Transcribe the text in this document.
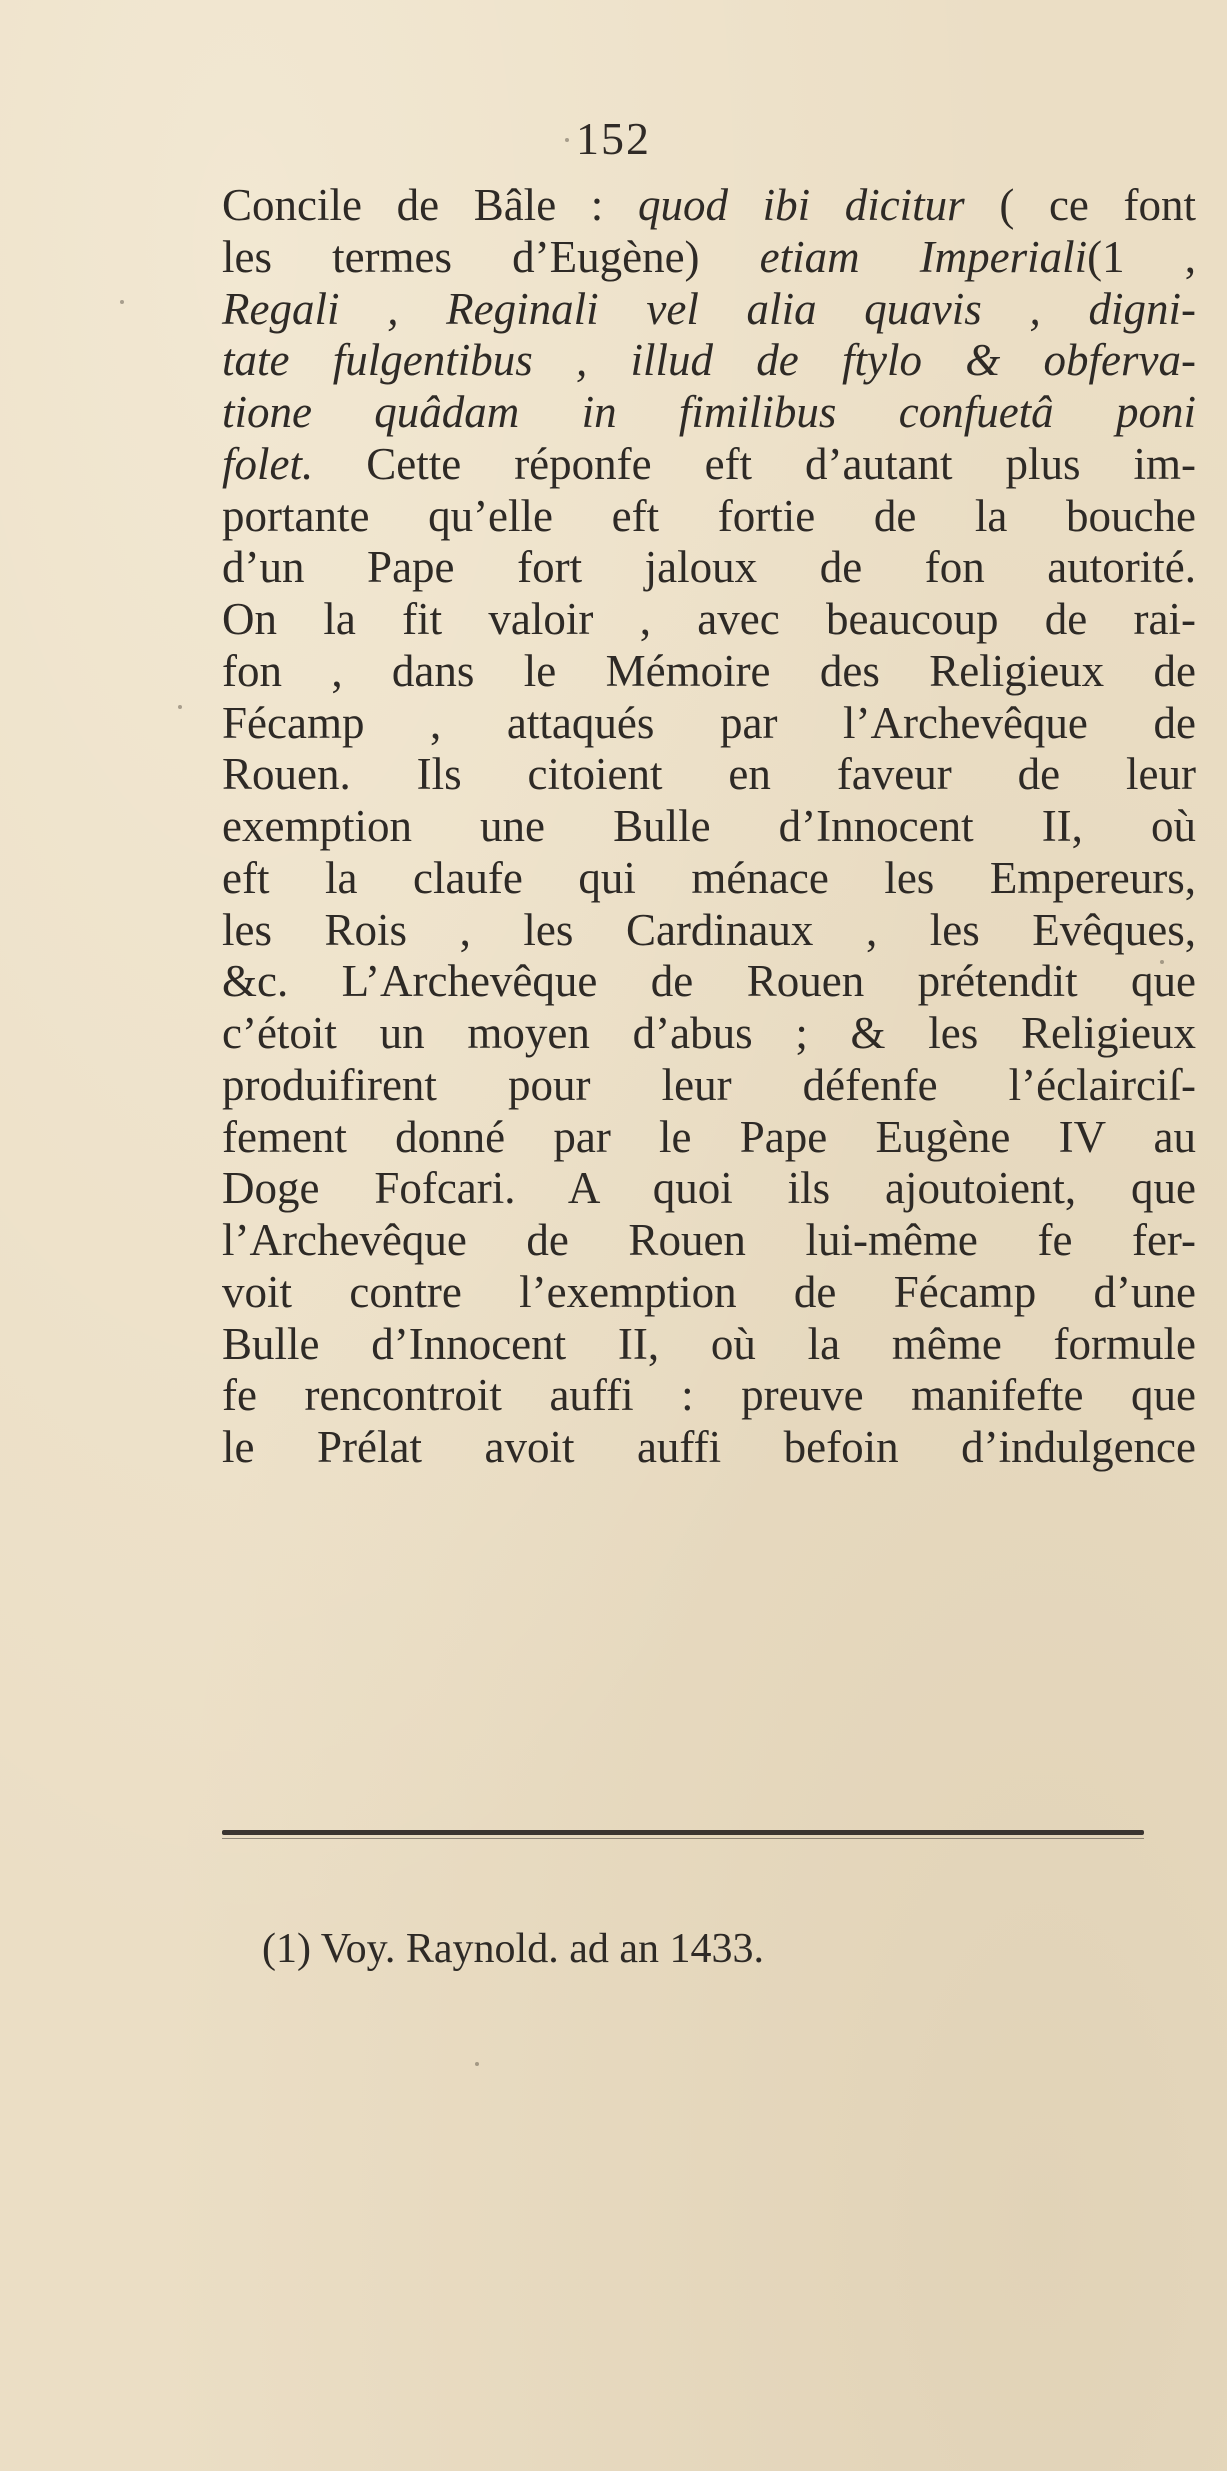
152
Concile de Bâle : quod ibi dicitur ( ce font
les termes d’Eugène) etiam Imperiali(1 ,
Regali , Reginali vel alia quavis , digni-
tate fulgentibus , illud de ftylo & obferva-
tione quâdam in fimilibus confuetâ poni
folet. Cette réponfe eft d’autant plus im-
portante qu’elle eft fortie de la bouche
d’un Pape fort jaloux de fon autorité.
On la fit valoir , avec beaucoup de rai-
fon , dans le Mémoire des Religieux de
Fécamp , attaqués par l’Archevêque de
Rouen. Ils citoient en faveur de leur
exemption une Bulle d’Innocent II, où
eft la claufe qui ménace les Empereurs,
les Rois , les Cardinaux , les Evêques,
&c. L’Archevêque de Rouen prétendit que
c’étoit un moyen d’abus ; & les Religieux
produifirent pour leur défenfe l’éclairciſ-
fement donné par le Pape Eugène IV au
Doge Fofcari. A quoi ils ajoutoient, que
l’Archevêque de Rouen lui-même fe fer-
voit contre l’exemption de Fécamp d’une
Bulle d’Innocent II, où la même formule
fe rencontroit auffi : preuve manifefte que
le Prélat avoit auffi befoin d’indulgence
(1) Voy. Raynold. ad an 1433.
